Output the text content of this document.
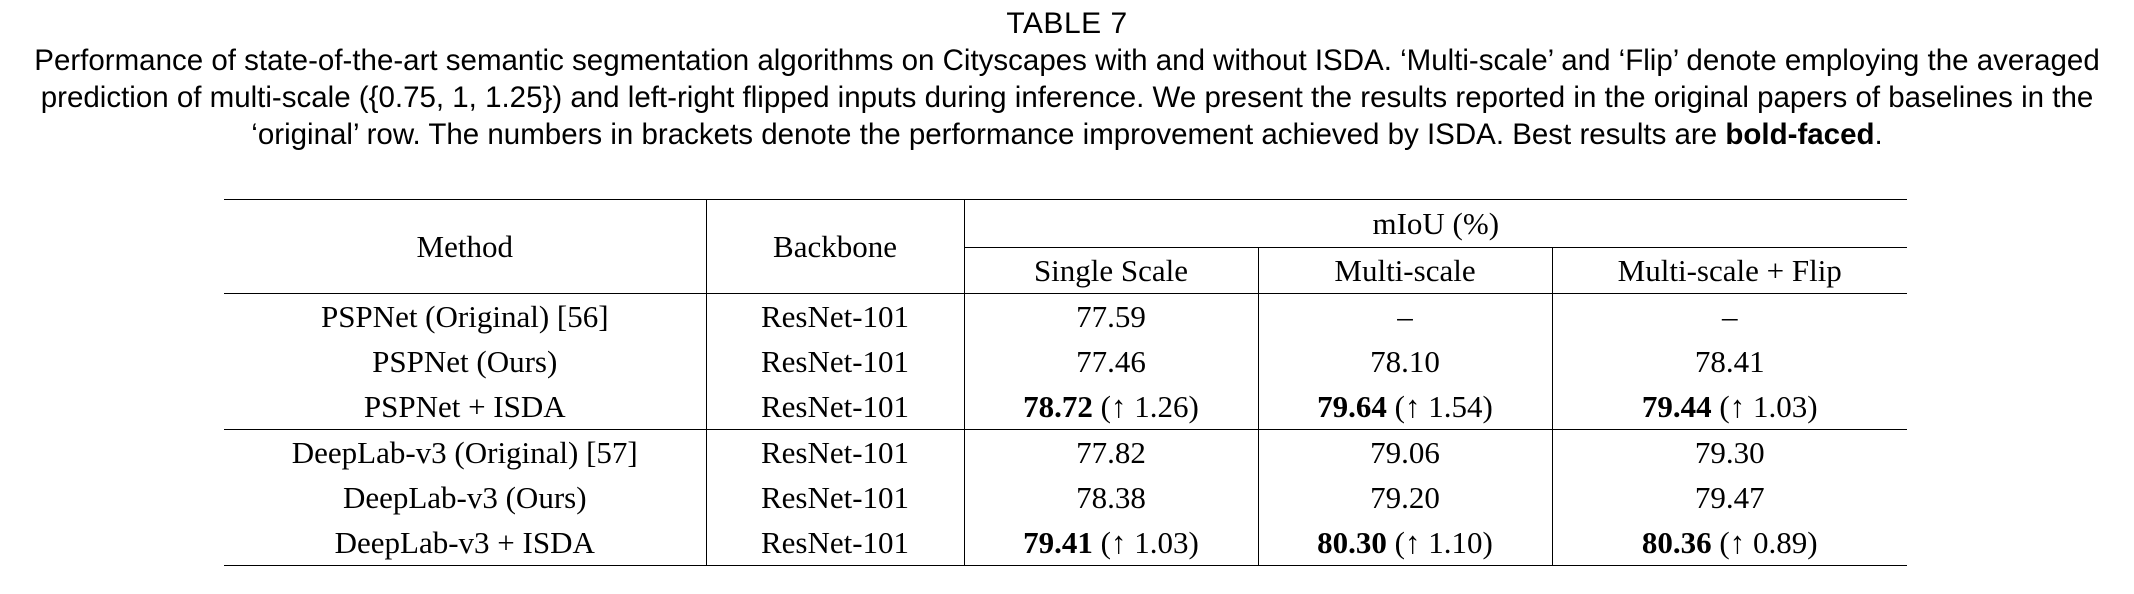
TABLE 7
Performance of state-of-the-art semantic segmentation algorithms on Cityscapes with and without ISDA. ‘Multi-scale’ and ‘Flip’ denote employing the averaged prediction of multi-scale ({0.75, 1, 1.25}) and left-right flipped inputs during inference. We present the results reported in the original papers of baselines in the ‘original’ row. The numbers in brackets denote the performance improvement achieved by ISDA. Best results are bold-faced.
Method	Backbone	mIoU (%)		
		Single Scale	Multi-scale	Multi-scale + Flip
PSPNet (Original) [56]	ResNet-101	77.59	–	–
PSPNet (Ours)	ResNet-101	77.46	78.10	78.41
PSPNet + ISDA	ResNet-101	78.72 (↑ 1.26)	79.64 (↑ 1.54)	79.44 (↑ 1.03)
DeepLab-v3 (Original) [57]	ResNet-101	77.82	79.06	79.30
DeepLab-v3 (Ours)	ResNet-101	78.38	79.20	79.47
DeepLab-v3 + ISDA	ResNet-101	79.41 (↑ 1.03)	80.30 (↑ 1.10)	80.36 (↑ 0.89)
